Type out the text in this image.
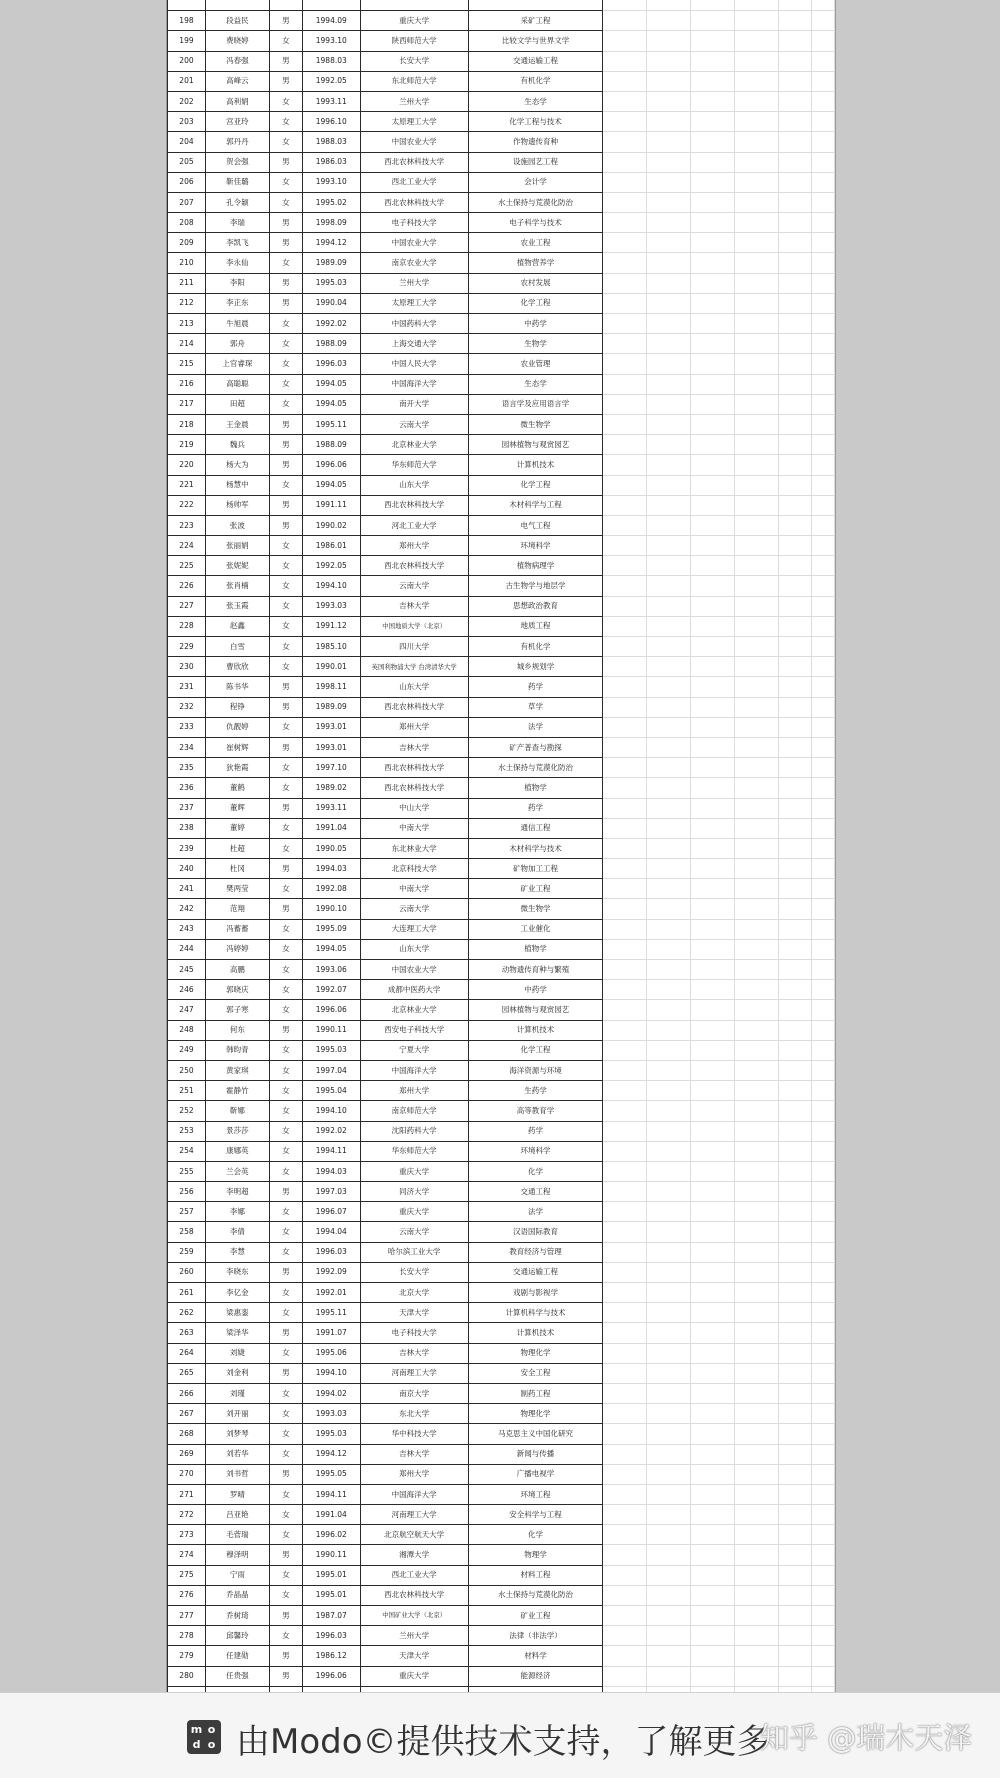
198	段益民	男	1994.09	重庆大学	采矿工程						
199	费晓婷	女	1993.10	陕西师范大学	比较文学与世界文学						
200	冯春强	男	1988.03	长安大学	交通运输工程						
201	高峰云	男	1992.05	东北师范大学	有机化学						
202	高利娟	女	1993.11	兰州大学	生态学						
203	宫亚玲	女	1996.10	太原理工大学	化学工程与技术						
204	郭丹丹	女	1988.03	中国农业大学	作物遗传育种						
205	贺会强	男	1986.03	西北农林科技大学	设施园艺工程						
206	靳佳璐	女	1993.10	西北工业大学	会计学						
207	孔令颖	女	1995.02	西北农林科技大学	水土保持与荒漠化防治						
208	李瑞	男	1998.09	电子科技大学	电子科学与技术						
209	李凯飞	男	1994.12	中国农业大学	农业工程						
210	李永仙	女	1989.09	南京农业大学	植物营养学						
211	李阳	男	1995.03	兰州大学	农村发展						
212	李正东	男	1990.04	太原理工大学	化学工程						
213	牛旭晨	女	1992.02	中国药科大学	中药学						
214	郭舟	女	1988.09	上海交通大学	生物学						
215	上官睿琛	女	1996.03	中国人民大学	农业管理						
216	高聪聪	女	1994.05	中国海洋大学	生态学						
217	田超	女	1994.05	南开大学	语言学及应用语言学						
218	王金晨	男	1995.11	云南大学	微生物学						
219	魏兵	男	1988.09	北京林业大学	园林植物与观赏园艺						
220	杨大为	男	1996.06	华东师范大学	计算机技术						
221	杨慧中	女	1994.05	山东大学	化学工程						
222	杨帅军	男	1991.11	西北农林科技大学	木材科学与工程						
223	张波	男	1990.02	河北工业大学	电气工程						
224	张丽娟	女	1986.01	郑州大学	环境科学						
225	张妮妮	女	1992.05	西北农林科技大学	植物病理学						
226	张肖楠	女	1994.10	云南大学	古生物学与地层学						
227	张玉霞	女	1993.03	吉林大学	思想政治教育						
228	赵鑫	女	1991.12	中国地质大学（北京）	地质工程						
229	白雪	女	1985.10	四川大学	有机化学						
230	曹欣欣	女	1990.01	英国利物浦大学 台湾清华大学	城乡规划学						
231	陈书华	男	1998.11	山东大学	药学						
232	程铮	男	1989.09	西北农林科技大学	草学						
233	仇靓婷	女	1993.01	郑州大学	法学						
234	崔树辉	男	1993.01	吉林大学	矿产普查与勘探						
235	狄艳霞	女	1997.10	西北农林科技大学	水土保持与荒漠化防治						
236	董鹤	女	1989.02	西北农林科技大学	植物学						
237	董辉	男	1993.11	中山大学	药学						
238	董婷	女	1991.04	中南大学	通信工程						
239	杜超	女	1990.05	东北林业大学	木材科学与技术						
240	杜冈	男	1994.03	北京科技大学	矿物加工工程						
241	樊两莹	女	1992.08	中南大学	矿业工程						
242	范翔	男	1990.10	云南大学	微生物学						
243	冯蓄蓄	女	1995.09	大连理工大学	工业催化						
244	冯婷婷	女	1994.05	山东大学	植物学						
245	高鹏	女	1993.06	中国农业大学	动物遗传育种与繁殖						
246	郭晓庆	女	1992.07	成都中医药大学	中药学						
247	郭子寒	女	1996.06	北京林业大学	园林植物与观赏园艺						
248	何东	男	1990.11	西安电子科技大学	计算机技术						
249	韩昀青	女	1995.03	宁夏大学	化学工程						
250	黄家琪	女	1997.04	中国海洋大学	海洋资源与环境						
251	霍静竹	女	1995.04	郑州大学	生药学						
252	靳娜	女	1994.10	南京师范大学	高等教育学						
253	景莎莎	女	1992.02	沈阳药科大学	药学						
254	康娜英	女	1994.11	华东师范大学	环境科学						
255	兰会英	女	1994.03	重庆大学	化学						
256	李明超	男	1997.03	同济大学	交通工程						
257	李娜	女	1996.07	重庆大学	法学						
258	李倩	女	1994.04	云南大学	汉语国际教育						
259	李慧	女	1996.03	哈尔滨工业大学	教育经济与管理						
260	李晓东	男	1992.09	长安大学	交通运输工程						
261	李亿金	女	1992.01	北京大学	戏剧与影视学						
262	梁惠銮	女	1995.11	天津大学	计算机科学与技术						
263	梁泽华	男	1991.07	电子科技大学	计算机技术						
264	刘婕	女	1995.06	吉林大学	物理化学						
265	刘金利	男	1994.10	河南理工大学	安全工程						
266	刘瑾	女	1994.02	南京大学	制药工程						
267	刘开丽	女	1993.03	东北大学	物理化学						
268	刘梦琴	女	1995.03	华中科技大学	马克思主义中国化研究						
269	刘若华	女	1994.12	吉林大学	新闻与传播						
270	刘书哲	男	1995.05	郑州大学	广播电视学						
271	罗晴	女	1994.11	中国海洋大学	环境工程						
272	吕亚艳	女	1991.04	河南理工大学	安全科学与工程						
273	毛菅瑞	女	1996.02	北京航空航天大学	化学						
274	穆泽明	男	1990.11	湘潭大学	物理学						
275	宁雨	女	1995.01	西北工业大学	材料工程						
276	乔晶晶	女	1995.01	西北农林科技大学	水土保持与荒漠化防治						
277	乔树琦	男	1987.07	中国矿业大学（北京）	矿业工程						
278	邱馨玲	女	1996.03	兰州大学	法律（非法学）						
279	任建勋	男	1986.12	天津大学	材料学						
280	任贵强	男	1996.06	重庆大学	能源经济						

m o
d o 由Modo©提供技术支持，了解更多
知乎 @瑞木天泽
